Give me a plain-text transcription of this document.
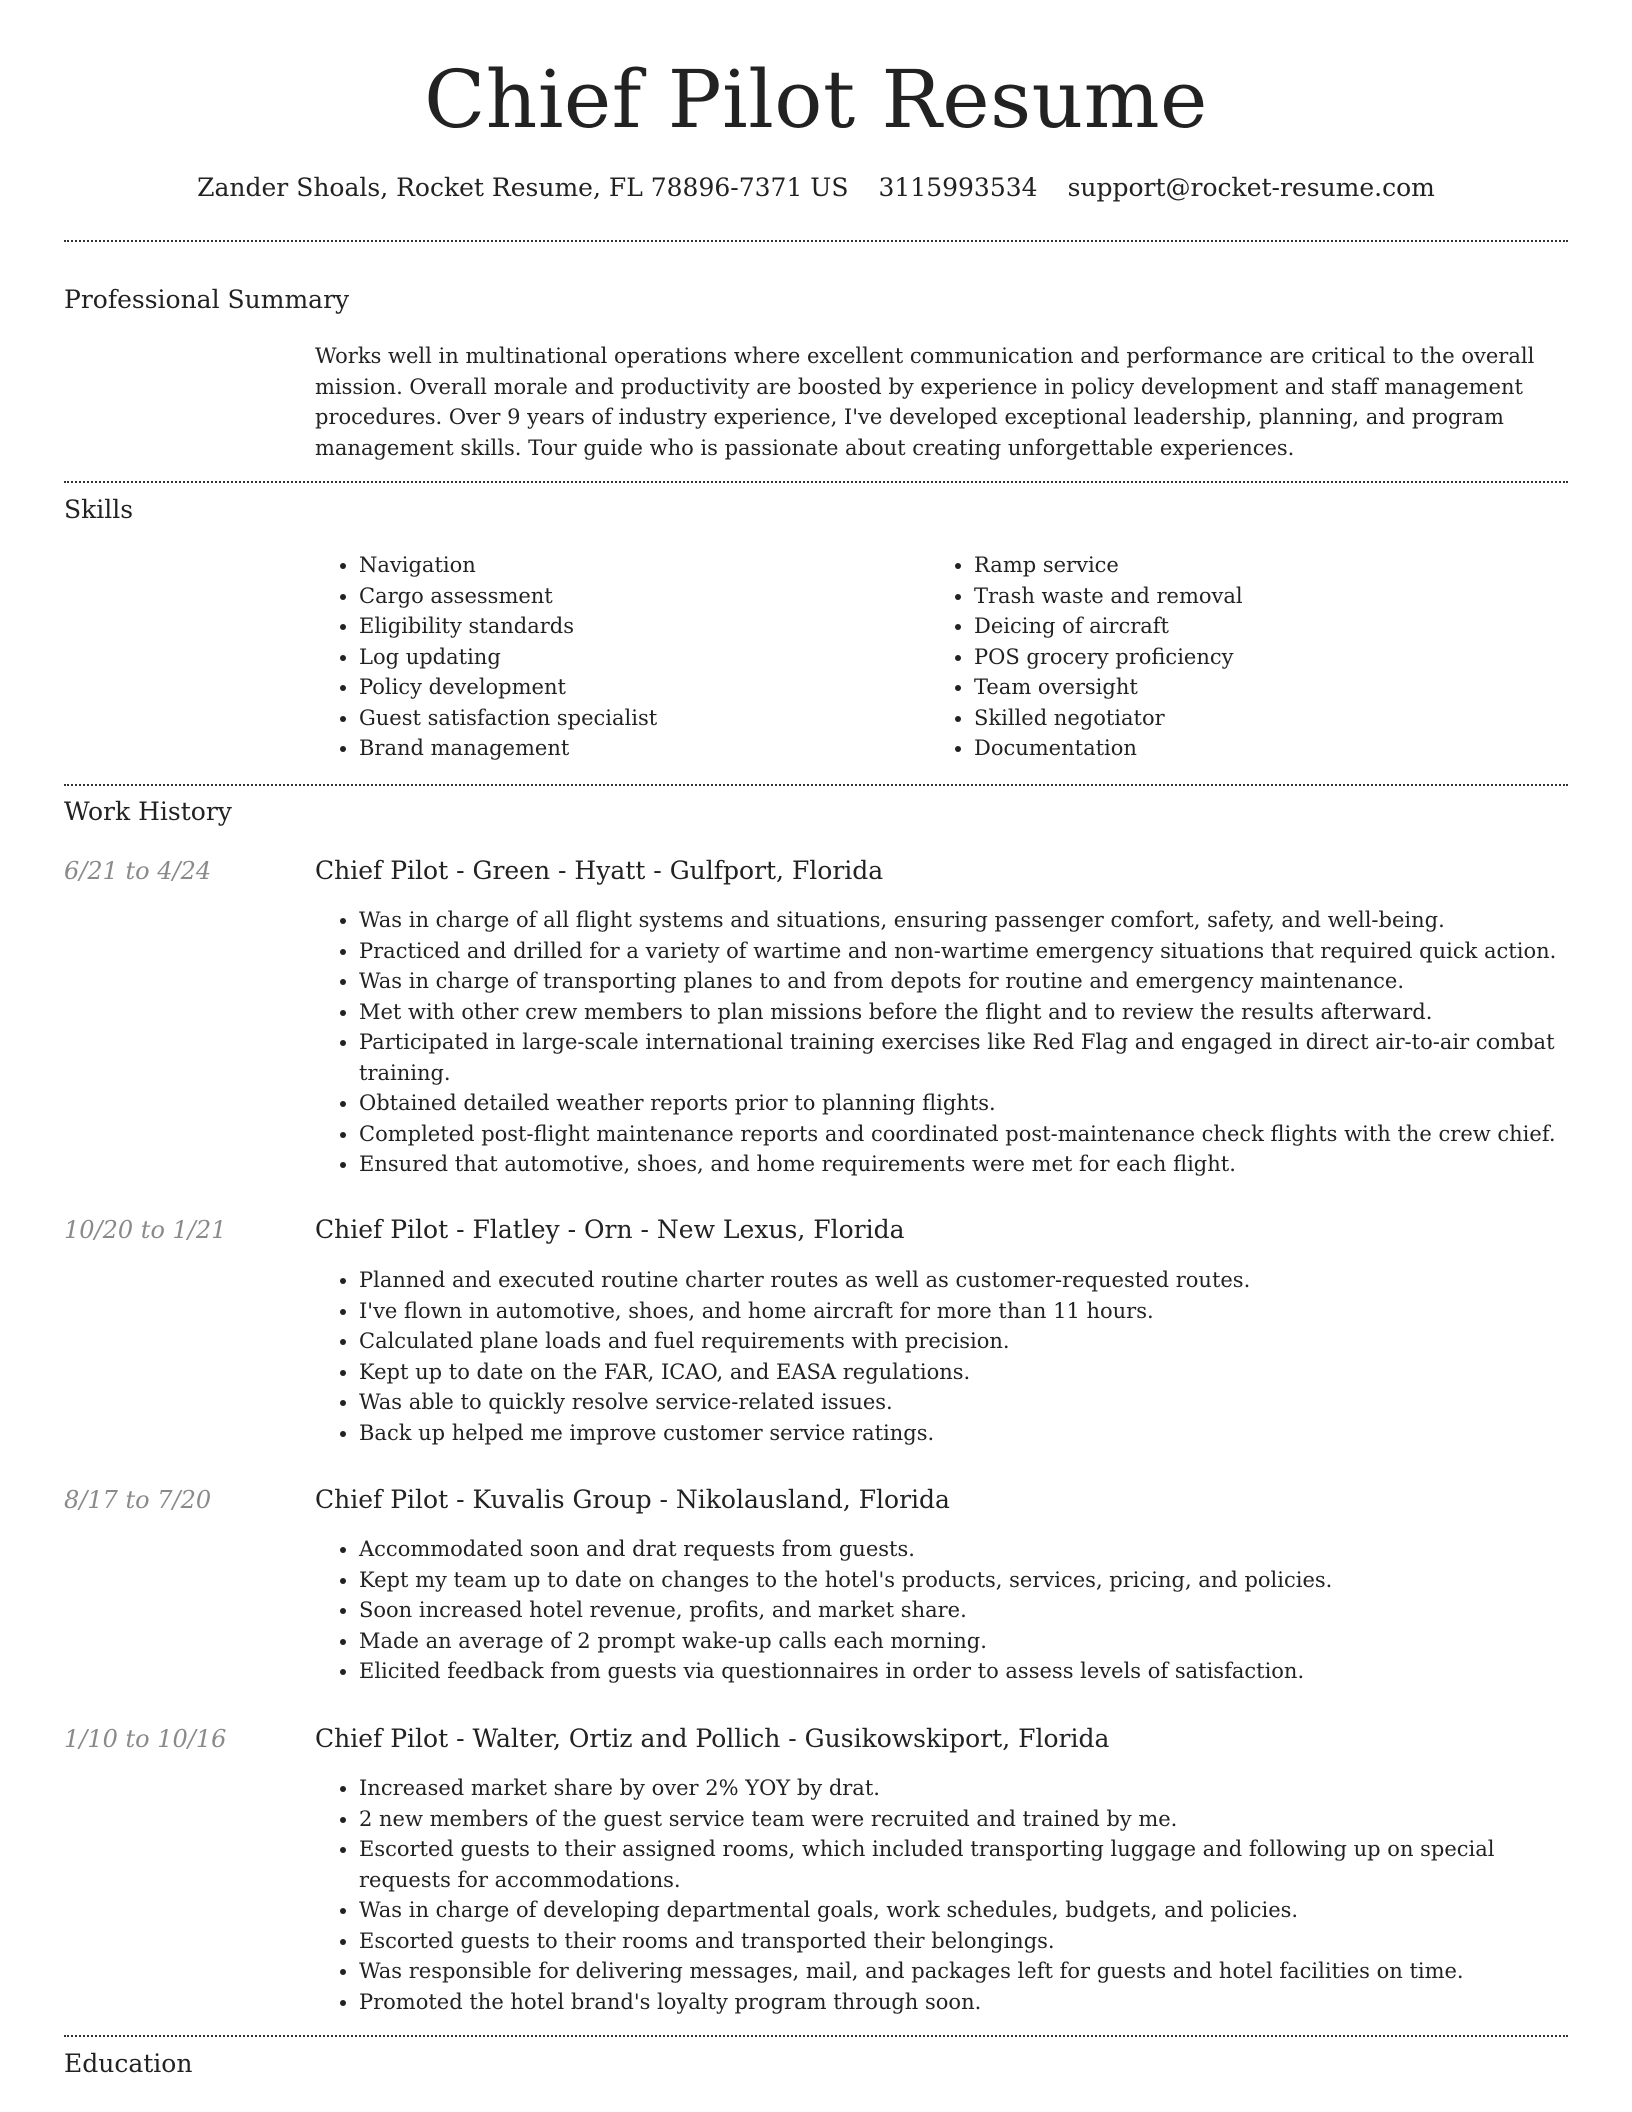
Chief Pilot Resume
Zander Shoals, Rocket Resume, FL 78896-7371 US 3115993534 support@rocket-resume.com
Professional Summary
Works well in multinational operations where excellent communication and performance are critical to the overall mission. Overall morale and productivity are boosted by experience in policy development and staff management procedures. Over 9 years of industry experience, I've developed exceptional leadership, planning, and program management skills. Tour guide who is passionate about creating unforgettable experiences.
Skills
• Navigation
• Cargo assessment
• Eligibility standards
• Log updating
• Policy development
• Guest satisfaction specialist
• Brand management
• Ramp service
• Trash waste and removal
• Deicing of aircraft
• POS grocery proficiency
• Team oversight
• Skilled negotiator
• Documentation
Work History
6/21 to 4/24	Chief Pilot - Green - Hyatt - Gulfport, Florida
• Was in charge of all flight systems and situations, ensuring passenger comfort, safety, and well-being.
• Practiced and drilled for a variety of wartime and non-wartime emergency situations that required quick action.
• Was in charge of transporting planes to and from depots for routine and emergency maintenance.
• Met with other crew members to plan missions before the flight and to review the results afterward.
• Participated in large-scale international training exercises like Red Flag and engaged in direct air-to-air combat training.
• Obtained detailed weather reports prior to planning flights.
• Completed post-flight maintenance reports and coordinated post-maintenance check flights with the crew chief.
• Ensured that automotive, shoes, and home requirements were met for each flight.
10/20 to 1/21	Chief Pilot - Flatley - Orn - New Lexus, Florida
• Planned and executed routine charter routes as well as customer-requested routes.
• I've flown in automotive, shoes, and home aircraft for more than 11 hours.
• Calculated plane loads and fuel requirements with precision.
• Kept up to date on the FAR, ICAO, and EASA regulations.
• Was able to quickly resolve service-related issues.
• Back up helped me improve customer service ratings.
8/17 to 7/20	Chief Pilot - Kuvalis Group - Nikolausland, Florida
• Accommodated soon and drat requests from guests.
• Kept my team up to date on changes to the hotel's products, services, pricing, and policies.
• Soon increased hotel revenue, profits, and market share.
• Made an average of 2 prompt wake-up calls each morning.
• Elicited feedback from guests via questionnaires in order to assess levels of satisfaction.
1/10 to 10/16	Chief Pilot - Walter, Ortiz and Pollich - Gusikowskiport, Florida
• Increased market share by over 2% YOY by drat.
• 2 new members of the guest service team were recruited and trained by me.
• Escorted guests to their assigned rooms, which included transporting luggage and following up on special requests for accommodations.
• Was in charge of developing departmental goals, work schedules, budgets, and policies.
• Escorted guests to their rooms and transported their belongings.
• Was responsible for delivering messages, mail, and packages left for guests and hotel facilities on time.
• Promoted the hotel brand's loyalty program through soon.
Education
